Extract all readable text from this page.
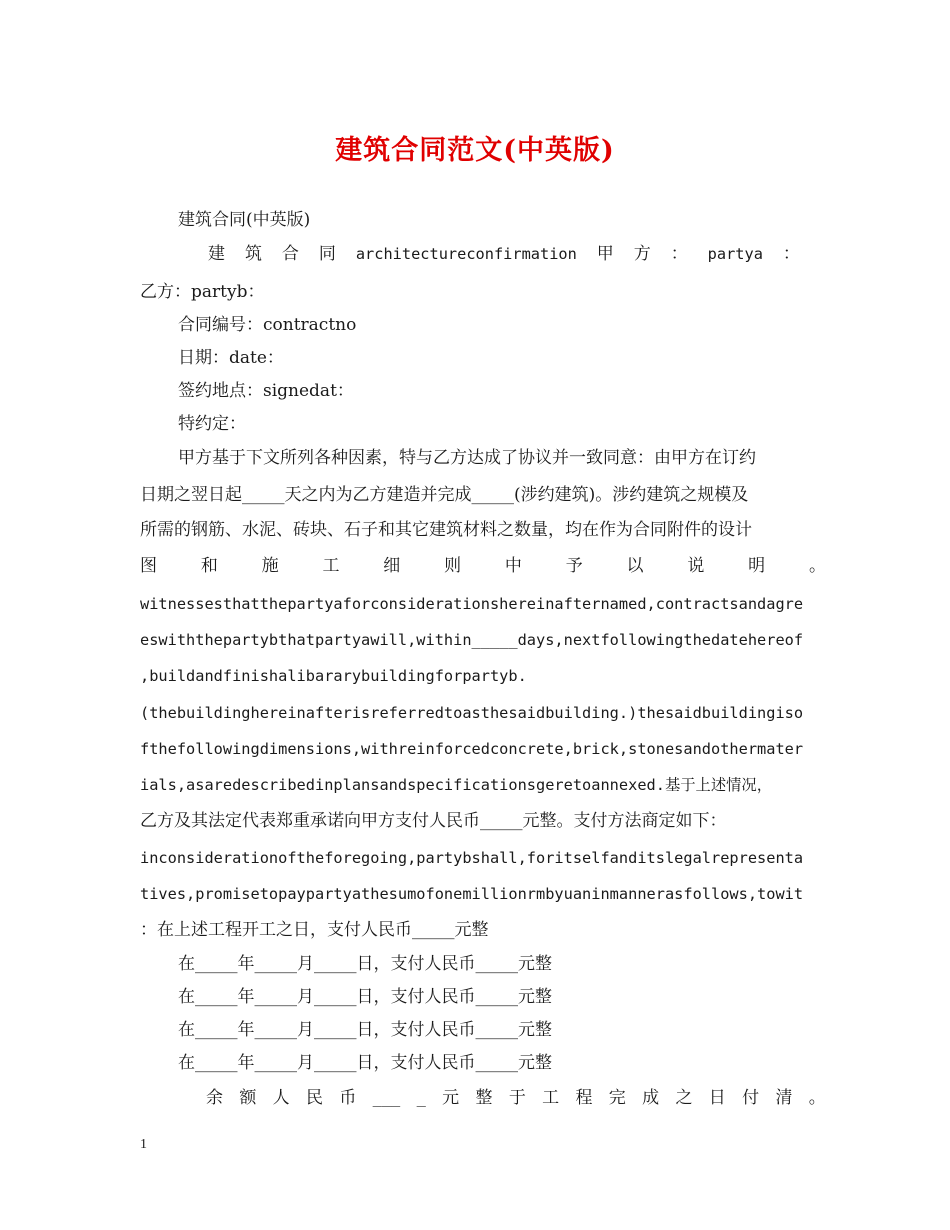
建筑合同范文(中英版)
建筑合同(中英版)
建 筑 合 同 architectureconfirmation 甲 方 ： partya ：
乙方：partyb：
合同编号：contractno
日期：date：
签约地点：signedat：
特约定：
甲方基于下文所列各种因素，特与乙方达成了协议并一致同意：由甲方在订约
日期之翌日起_____天之内为乙方建造并完成_____(涉约建筑)。涉约建筑之规模及
所需的钢筋、水泥、砖块、石子和其它建筑材料之数量，均在作为合同附件的设计
图	和	施	工	细	则	中	予	以	说	明	。
witnessesthatthepartyaforconsiderationshereinafternamed,contractsandagre
eswiththepartybthatpartyawill,within_____days,nextfollowingthedatehereof
,buildandfinishalibararybuildingforpartyb.
(thebuildinghereinafterisreferredtoasthesaidbuilding.)thesaidbuildingiso
fthefollowingdimensions,withreinforcedconcrete,brick,stonesandothermater
ials,asaredescribedinplansandspecificationsgeretoannexed.基于上述情况，
乙方及其法定代表郑重承诺向甲方支付人民币_____元整。支付方法商定如下：
inconsiderationoftheforegoing,partybshall,foritselfanditslegalrepresenta
tives,promisetopaypartyathesumofonemillionrmbyuaninmannerasfollows,towit
：在上述工程开工之日，支付人民币_____元整
在_____年_____月_____日，支付人民币_____元整
在_____年_____月_____日，支付人民币_____元整
在_____年_____月_____日，支付人民币_____元整
在_____年_____月_____日，支付人民币_____元整
余 额 人 民 币 ___ _ 元 整 于 工 程 完 成 之 日 付 清 。
1
